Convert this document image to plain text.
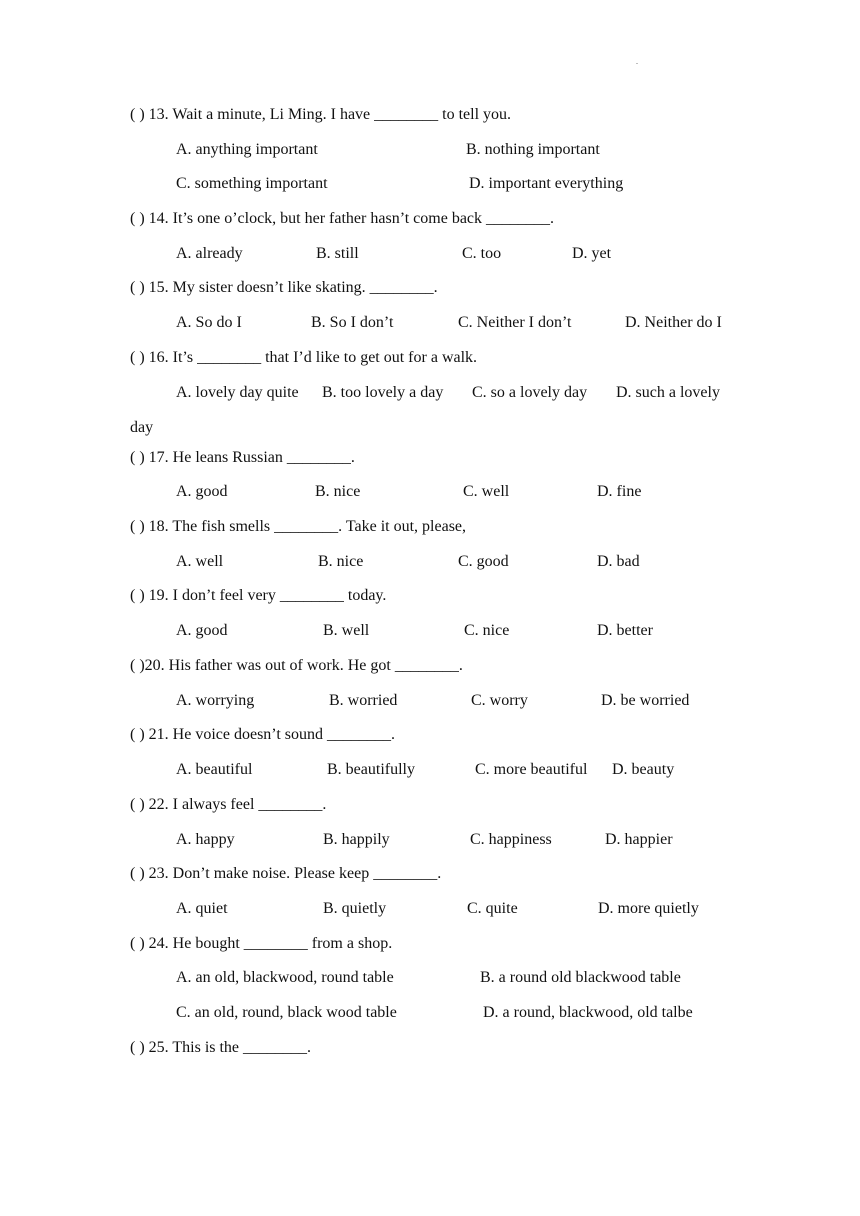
.
( ) 13. Wait a minute, Li Ming. I have ________ to tell you.
A. anything important	B. nothing important
C. something important	D. important everything
( ) 14. It’s one o’clock, but her father hasn’t come back ________.
A. already	B. still	C. too	D. yet
( ) 15. My sister doesn’t like skating. ________.
A. So do I	B. So I don’t	C. Neither I don’t	D. Neither do I
( ) 16. It’s ________ that I’d like to get out for a walk.
A. lovely day quite B. too lovely a day C. so a lovely day D. such a lovely
day
( ) 17. He leans Russian ________.
A. good	B. nice	C. well	D. fine
( ) 18. The fish smells ________. Take it out, please,
A. well	B. nice	C. good	D. bad
( ) 19. I don’t feel very ________ today.
A. good	B. well	C. nice	D. better
( )20. His father was out of work. He got ________.
A. worrying	B. worried	C. worry	D. be worried
( ) 21. He voice doesn’t sound ________.
A. beautiful	B. beautifully	C. more beautiful D. beauty
( ) 22. I always feel ________.
A. happy	B. happily	C. happiness	D. happier
( ) 23. Don’t make noise. Please keep ________.
A. quiet	B. quietly	C. quite	D. more quietly
( ) 24. He bought ________ from a shop.
A. an old, blackwood, round table	B. a round old blackwood table
C. an old, round, black wood table	D. a round, blackwood, old talbe
( ) 25. This is the ________.
